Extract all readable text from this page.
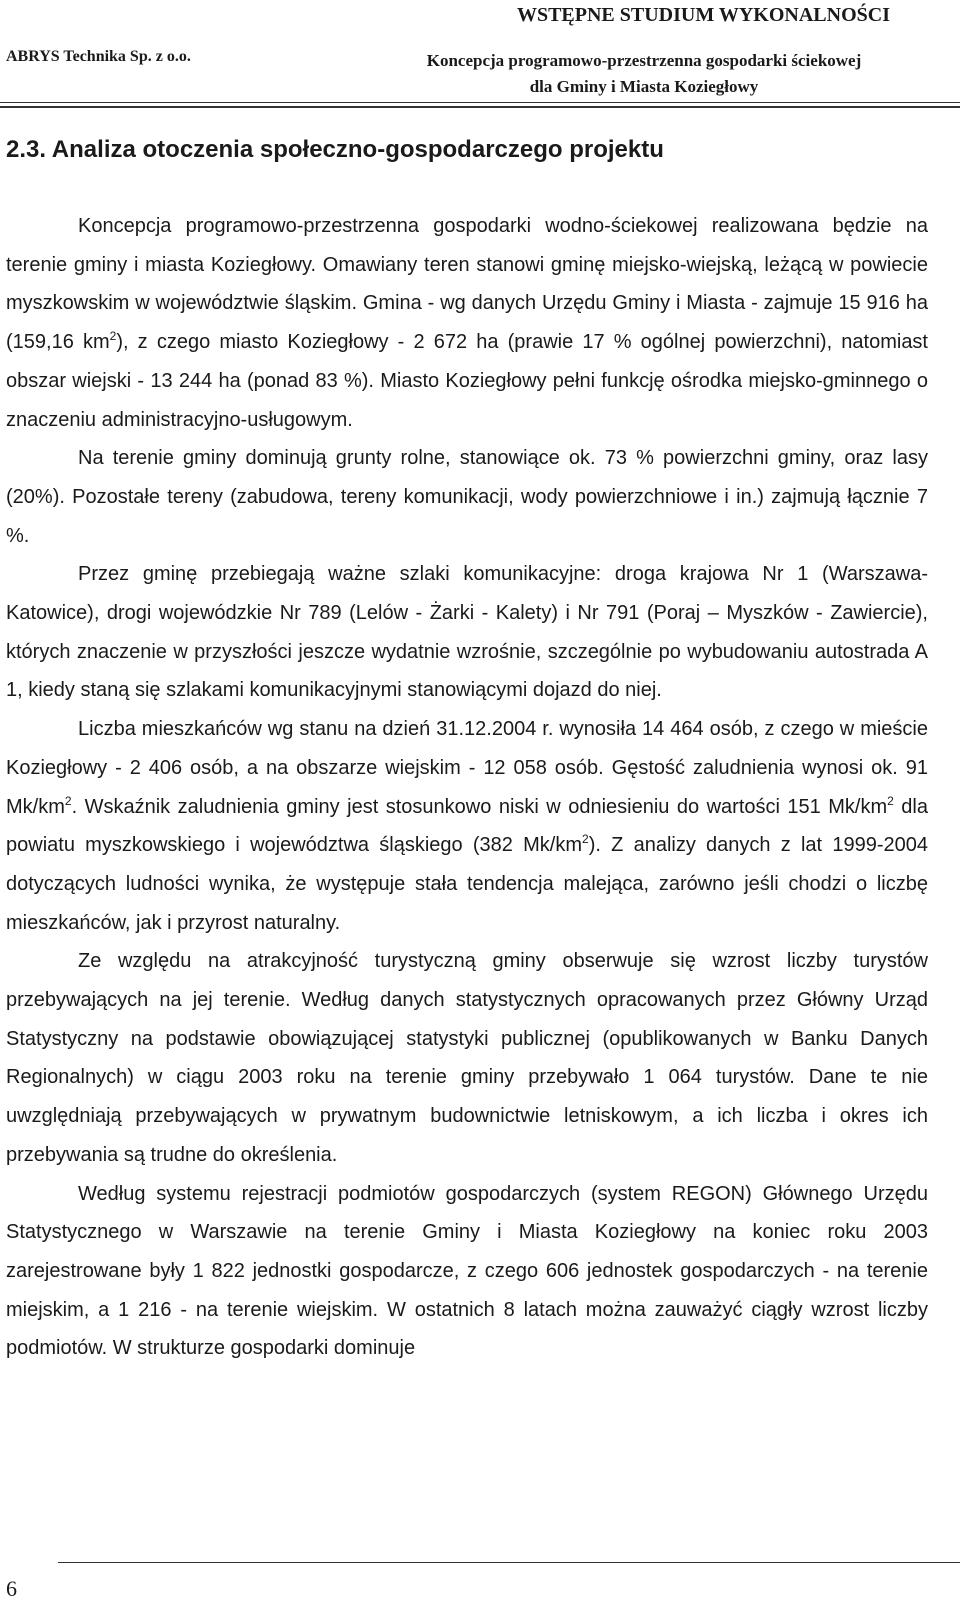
WSTĘPNE STUDIUM WYKONALNOŚCI
ABRYS Technika Sp. z o.o.	Koncepcja programowo-przestrzenna gospodarki ściekowej
dla Gminy i Miasta Koziegłowy
2.3. Analiza otoczenia społeczno-gospodarczego projektu

Koncepcja programowo-przestrzenna gospodarki wodno-ściekowej realizowana będzie na terenie gminy i miasta Koziegłowy. Omawiany teren stanowi gminę miejsko-wiejską, leżącą w powiecie myszkowskim w województwie śląskim. Gmina - wg danych Urzędu Gminy i Miasta - zajmuje 15 916 ha (159,16 $km^2$), z czego miasto Koziegłowy - 2 672 ha (prawie 17 % ogólnej powierzchni), natomiast obszar wiejski - 13 244 ha (ponad 83 %). Miasto Koziegłowy pełni funkcję ośrodka miejsko-gminnego o znaczeniu administracyjno-usługowym.

Na terenie gminy dominują grunty rolne, stanowiące ok. 73 % powierzchni gminy, oraz lasy (20%). Pozostałe tereny (zabudowa, tereny komunikacji, wody powierzchniowe i in.) zajmują łącznie 7 %.

Przez gminę przebiegają ważne szlaki komunikacyjne: droga krajowa Nr 1 (Warszawa- Katowice), drogi wojewódzkie Nr 789 (Lelów - Żarki - Kalety) i Nr 791 (Poraj – Myszków - Zawiercie), których znaczenie w przyszłości jeszcze wydatnie wzrośnie, szczególnie po wybudowaniu autostrada A 1, kiedy staną się szlakami komunikacyjnymi stanowiącymi dojazd do niej.

Liczba mieszkańców wg stanu na dzień 31.12.2004 r. wynosiła 14 464 osób, z czego w mieście Koziegłowy - 2 406 osób, a na obszarze wiejskim - 12 058 osób. Gęstość zaludnienia wynosi ok. 91 $Mk/km^2$. Wskaźnik zaludnienia gminy jest stosunkowo niski w odniesieniu do wartości 151 $Mk/km^2$ dla powiatu myszkowskiego i województwa śląskiego (382 $Mk/km^2$). Z analizy danych z lat 1999-2004 dotyczących ludności wynika, że występuje stała tendencja malejąca, zarówno jeśli chodzi o liczbę mieszkańców, jak i przyrost naturalny.

Ze względu na atrakcyjność turystyczną gminy obserwuje się wzrost liczby turystów przebywających na jej terenie. Według danych statystycznych opracowanych przez Główny Urząd Statystyczny na podstawie obowiązującej statystyki publicznej (opublikowanych w Banku Danych Regionalnych) w ciągu 2003 roku na terenie gminy przebywało 1 064 turystów. Dane te nie uwzględniają przebywających w prywatnym budownictwie letniskowym, a ich liczba i okres ich przebywania są trudne do określenia.

Według systemu rejestracji podmiotów gospodarczych (system REGON) Głównego Urzędu Statystycznego w Warszawie na terenie Gminy i Miasta Koziegłowy na koniec roku 2003 zarejestrowane były 1 822 jednostki gospodarcze, z czego 606 jednostek gospodarczych - na terenie miejskim, a 1 216 - na terenie wiejskim. W ostatnich 8 latach można zauważyć ciągły wzrost liczby podmiotów. W strukturze gospodarki dominuje

6
